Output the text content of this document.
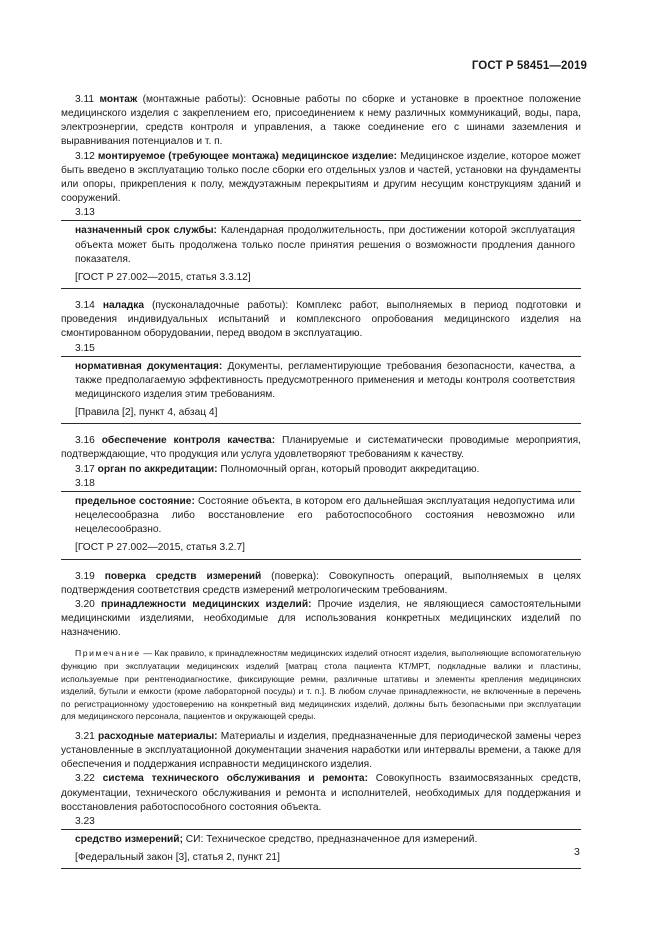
ГОСТ Р 58451—2019

3.11 монтаж (монтажные работы): Основные работы по сборке и установке в проектное положение медицинского изделия с закреплением его, присоединением к нему различных коммуникаций, воды, пара, электроэнергии, средств контроля и управления, а также соединение его с шинами заземления и выравнивания потенциалов и т. п.

3.12 монтируемое (требующее монтажа) медицинское изделие: Медицинское изделие, которое может быть введено в эксплуатацию только после сборки его отдельных узлов и частей, установки на фундаменты или опоры, прикрепления к полу, междуэтажным перекрытиям и другим несущим конструкциям зданий и сооружений.

3.13

назначенный срок службы: Календарная продолжительность, при достижении которой эксплуатация объекта может быть продолжена только после принятия решения о возможности продления данного показателя.

[ГОСТ Р 27.002—2015, статья 3.3.12]

3.14 наладка (пусконаладочные работы): Комплекс работ, выполняемых в период подготовки и проведения индивидуальных испытаний и комплексного опробования медицинского изделия на смонтированном оборудовании, перед вводом в эксплуатацию.

3.15

нормативная документация: Документы, регламентирующие требования безопасности, качества, а также предполагаемую эффективность предусмотренного применения и методы контроля соответствия медицинского изделия этим требованиям.

[Правила [2], пункт 4, абзац 4]

3.16 обеспечение контроля качества: Планируемые и систематически проводимые мероприятия, подтверждающие, что продукция или услуга удовлетворяют требованиям к качеству.

3.17 орган по аккредитации: Полномочный орган, который проводит аккредитацию.

3.18

предельное состояние: Состояние объекта, в котором его дальнейшая эксплуатация недопустима или нецелесообразна либо восстановление его работоспособного состояния невозможно или нецелесообразно.

[ГОСТ Р 27.002—2015, статья 3.2.7]

3.19 поверка средств измерений (поверка): Совокупность операций, выполняемых в целях подтверждения соответствия средств измерений метрологическим требованиям.

3.20 принадлежности медицинских изделий: Прочие изделия, не являющиеся самостоятельными медицинскими изделиями, необходимые для использования конкретных медицинских изделий по назначению.

Примечание — Как правило, к принадлежностям медицинских изделий относят изделия, выполняющие вспомогательную функцию при эксплуатации медицинских изделий [матрац стола пациента КТ/МРТ, подкладные валики и пластины, используемые при рентгенодиагностике, фиксирующие ремни, различные штативы и элементы крепления медицинских изделий, бутыли и емкости (кроме лабораторной посуды) и т. п.]. В любом случае принадлежности, не включенные в перечень по регистрационному удостоверению на конкретный вид медицинских изделий, должны быть безопасными при эксплуатации для медицинского персонала, пациентов и окружающей среды.

3.21 расходные материалы: Материалы и изделия, предназначенные для периодической замены через установленные в эксплуатационной документации значения наработки или интервалы времени, а также для обеспечения и поддержания исправности медицинского изделия.

3.22 система технического обслуживания и ремонта: Совокупность взаимосвязанных средств, документации, технического обслуживания и ремонта и исполнителей, необходимых для поддержания и восстановления работоспособного состояния объекта.

3.23

средство измерений; СИ: Техническое средство, предназначенное для измерений.

[Федеральный закон [3], статья 2, пункт 21]	3
